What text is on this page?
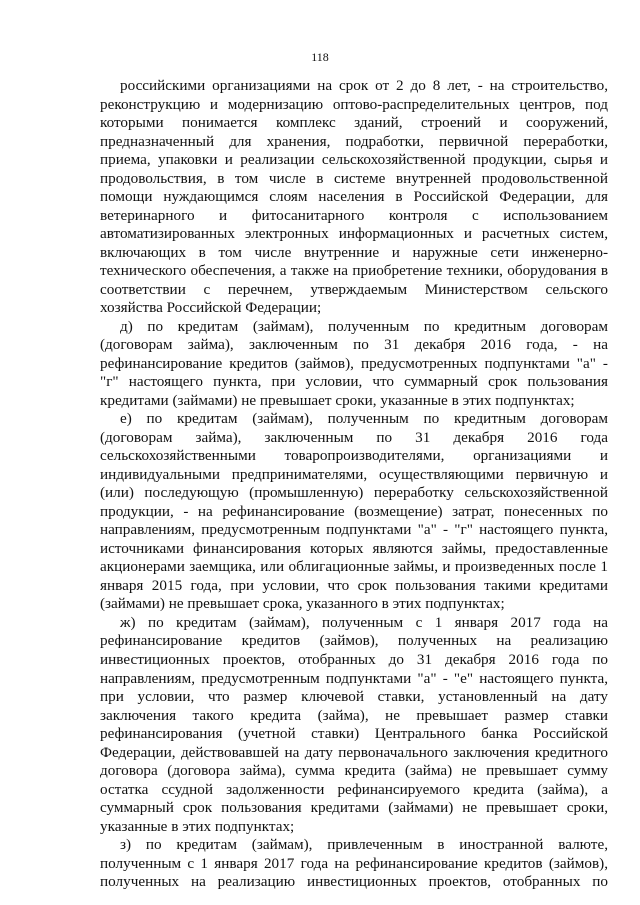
118
российскими организациями на срок от 2 до 8 лет, - на строительство,
реконструкцию и модернизацию оптово-распределительных центров, под
которыми понимается комплекс зданий, строений и сооружений,
предназначенный для хранения, подработки, первичной переработки,
приема, упаковки и реализации сельскохозяйственной продукции, сырья и
продовольствия, в том числе в системе внутренней продовольственной
помощи нуждающимся слоям населения в Российской Федерации, для
ветеринарного и фитосанитарного контроля с использованием
автоматизированных электронных информационных и расчетных систем,
включающих в том числе внутренние и наружные сети инженерно-
технического обеспечения, а также на приобретение техники, оборудования в
соответствии с перечнем, утверждаемым Министерством сельского
хозяйства Российской Федерации;
д) по кредитам (займам), полученным по кредитным договорам
(договорам займа), заключенным по 31 декабря 2016 года, - на
рефинансирование кредитов (займов), предусмотренных подпунктами "а" -
"г" настоящего пункта, при условии, что суммарный срок пользования
кредитами (займами) не превышает сроки, указанные в этих подпунктах;
е) по кредитам (займам), полученным по кредитным договорам
(договорам займа), заключенным по 31 декабря 2016 года
сельскохозяйственными товаропроизводителями, организациями и
индивидуальными предпринимателями, осуществляющими первичную и
(или) последующую (промышленную) переработку сельскохозяйственной
продукции, - на рефинансирование (возмещение) затрат, понесенных по
направлениям, предусмотренным подпунктами "а" - "г" настоящего пункта,
источниками финансирования которых являются займы, предоставленные
акционерами заемщика, или облигационные займы, и произведенных после 1
января 2015 года, при условии, что срок пользования такими кредитами
(займами) не превышает срока, указанного в этих подпунктах;
ж) по кредитам (займам), полученным с 1 января 2017 года на
рефинансирование кредитов (займов), полученных на реализацию
инвестиционных проектов, отобранных до 31 декабря 2016 года по
направлениям, предусмотренным подпунктами "а" - "е" настоящего пункта,
при условии, что размер ключевой ставки, установленный на дату
заключения такого кредита (займа), не превышает размер ставки
рефинансирования (учетной ставки) Центрального банка Российской
Федерации, действовавшей на дату первоначального заключения кредитного
договора (договора займа), сумма кредита (займа) не превышает сумму
остатка ссудной задолженности рефинансируемого кредита (займа), а
суммарный срок пользования кредитами (займами) не превышает сроки,
указанные в этих подпунктах;
з) по кредитам (займам), привлеченным в иностранной валюте,
полученным с 1 января 2017 года на рефинансирование кредитов (займов),
полученных на реализацию инвестиционных проектов, отобранных по
